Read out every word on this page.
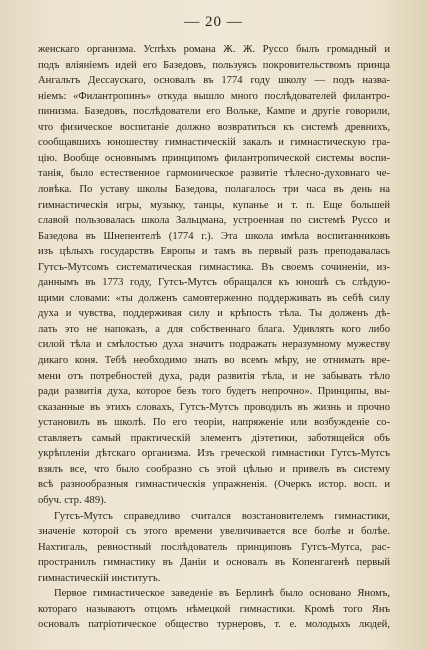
— 20 —
женскаго организма. Успѣхъ романа Ж. Ж. Руссо былъ громадный и
подъ вліяніемъ идей его Базедовъ, пользуясь покровительствомъ принца
Ангальтъ Дессаускаго, основалъ въ 1774 году школу — подъ назва-
ніемъ: «Филантропинъ» откуда вышло много послѣдователей филантро-
пинизма. Базедовъ, послѣдователи его Вольке, Кампе и другіе говорили,
что физическое воспитаніе должно возвратиться къ системѣ древнихъ,
сообщавшихъ юношеству гимнастическій закалъ и гимнастическую гра-
цію. Вообще основнымъ принципомъ филантропической системы воспи-
танія, было естественное гармоническое развитіе тѣлесно-духовнаго че-
ловѣка. По уставу школы Базедова, полагалось три часа въ день на
гимнастическія игры, музыку, танцы, купанье и т. п. Еще большей
славой пользовалась школа Зальцмана, устроенная по системѣ Руссо и
Базедова въ Шнепентелѣ (1774 г.). Эта школа имѣла воспитанниковъ
изъ цѣлыхъ государствъ Европы и тамъ въ первый разъ преподавалась
Гутсъ-Мутсомъ систематическая гимнастика. Въ своемъ сочиненіи, из-
даннымъ въ 1773 году, Гутсъ-Мутсъ обращался къ юношѣ съ слѣдую-
щими словами: «ты долженъ самовтерженно поддерживать въ себѣ силу
духа и чувства, поддерживая силу и крѣпость тѣла. Ты долженъ дѣ-
лать это не напоказъ, а для собственнаго блага. Удивлять кого либо
силой тѣла и смѣлостью духа значитъ подражать неразумному мужеству
дикаго коня. Тебѣ необходимо знать во всемъ мѣру, не отнимать вре-
мени отъ потребностей духа, ради развитія тѣла, и не забывать тѣло
ради развитія духа, которое безъ того будетъ непрочно». Принципы, вы-
сказанные въ этихъ словахъ, Гутсъ-Мутсъ проводилъ въ жизнь и прочно
установилъ въ школѣ. По его теоріи, напряженіе или возбужденіе со-
ставляетъ самый практическій элементъ діэтетики, заботящейся объ
укрѣпленіи дѣтскаго организма. Изъ греческой гимнастики Гутсъ-Мутсъ
взялъ все, что было сообразно съ этой цѣлью и привелъ въ систему
всѣ разнообразныя гимнастическія упражненія. (Очеркъ истор. восп. и
обуч. стр. 489).
Гутсъ-Мутсъ справедливо считался возстановителемъ гимнастики,
значеніе которой съ этого времени увеличивается все болѣе и болѣе.
Нахтигаль, ревностный послѣдователь принциповъ Гутсъ-Мутса, рас-
пространилъ гимнастику въ Даніи и основалъ въ Копенгагенѣ первый
гимнастическій институтъ.
Первое гимнастическое заведеніе въ Берлинѣ было основано Яномъ,
котораго называютъ отцомъ нѣмецкой гимнастики. Кромѣ того Янъ
основалъ патріотическое общество турнеровъ, т. е. молодыхъ людей,
